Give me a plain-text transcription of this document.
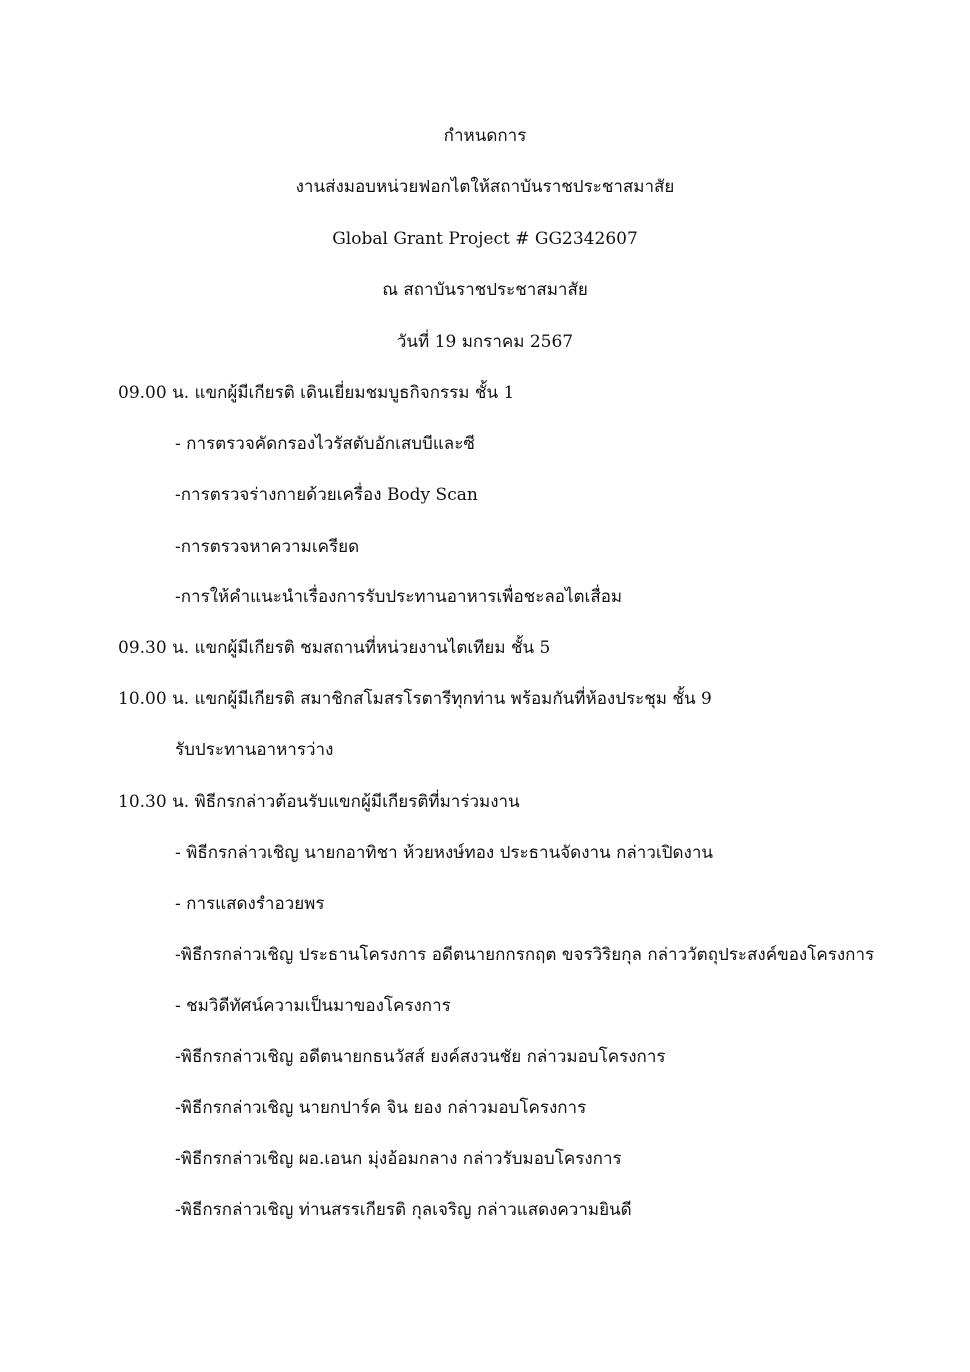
กำหนดการ
งานส่งมอบหน่วยฟอกไตให้สถาบันราชประชาสมาสัย
Global Grant Project # GG2342607
ณ สถาบันราชประชาสมาสัย
วันที่ 19 มกราคม 2567
09.00 น. แขกผู้มีเกียรติ เดินเยี่ยมชมบูธกิจกรรม ชั้น 1
- การตรวจคัดกรองไวรัสตับอักเสบบีและซี
-การตรวจร่างกายด้วยเครื่อง Body Scan
-การตรวจหาความเครียด
-การให้คำแนะนำเรื่องการรับประทานอาหารเพื่อชะลอไตเสื่อม
09.30 น. แขกผู้มีเกียรติ ชมสถานที่หน่วยงานไตเทียม ชั้น 5
10.00 น. แขกผู้มีเกียรติ สมาชิกสโมสรโรตารีทุกท่าน พร้อมกันที่ห้องประชุม ชั้น 9
รับประทานอาหารว่าง
10.30 น. พิธีกรกล่าวต้อนรับแขกผู้มีเกียรติที่มาร่วมงาน
- พิธีกรกล่าวเชิญ นายกอาทิชา ห้วยหงษ์ทอง ประธานจัดงาน กล่าวเปิดงาน
- การแสดงรำอวยพร
-พิธีกรกล่าวเชิญ ประธานโครงการ อดีตนายกกรกฤต ขจรวิริยกุล กล่าววัตถุประสงค์ของโครงการ
- ชมวิดีทัศน์ความเป็นมาของโครงการ
-พิธีกรกล่าวเชิญ อดีตนายกธนวัสส์ ยงค์สงวนชัย กล่าวมอบโครงการ
-พิธีกรกล่าวเชิญ นายกปาร์ค จิน ยอง กล่าวมอบโครงการ
-พิธีกรกล่าวเชิญ ผอ.เอนก มุ่งอ้อมกลาง กล่าวรับมอบโครงการ
-พิธีกรกล่าวเชิญ ท่านสรรเกียรติ กุลเจริญ กล่าวแสดงความยินดี
